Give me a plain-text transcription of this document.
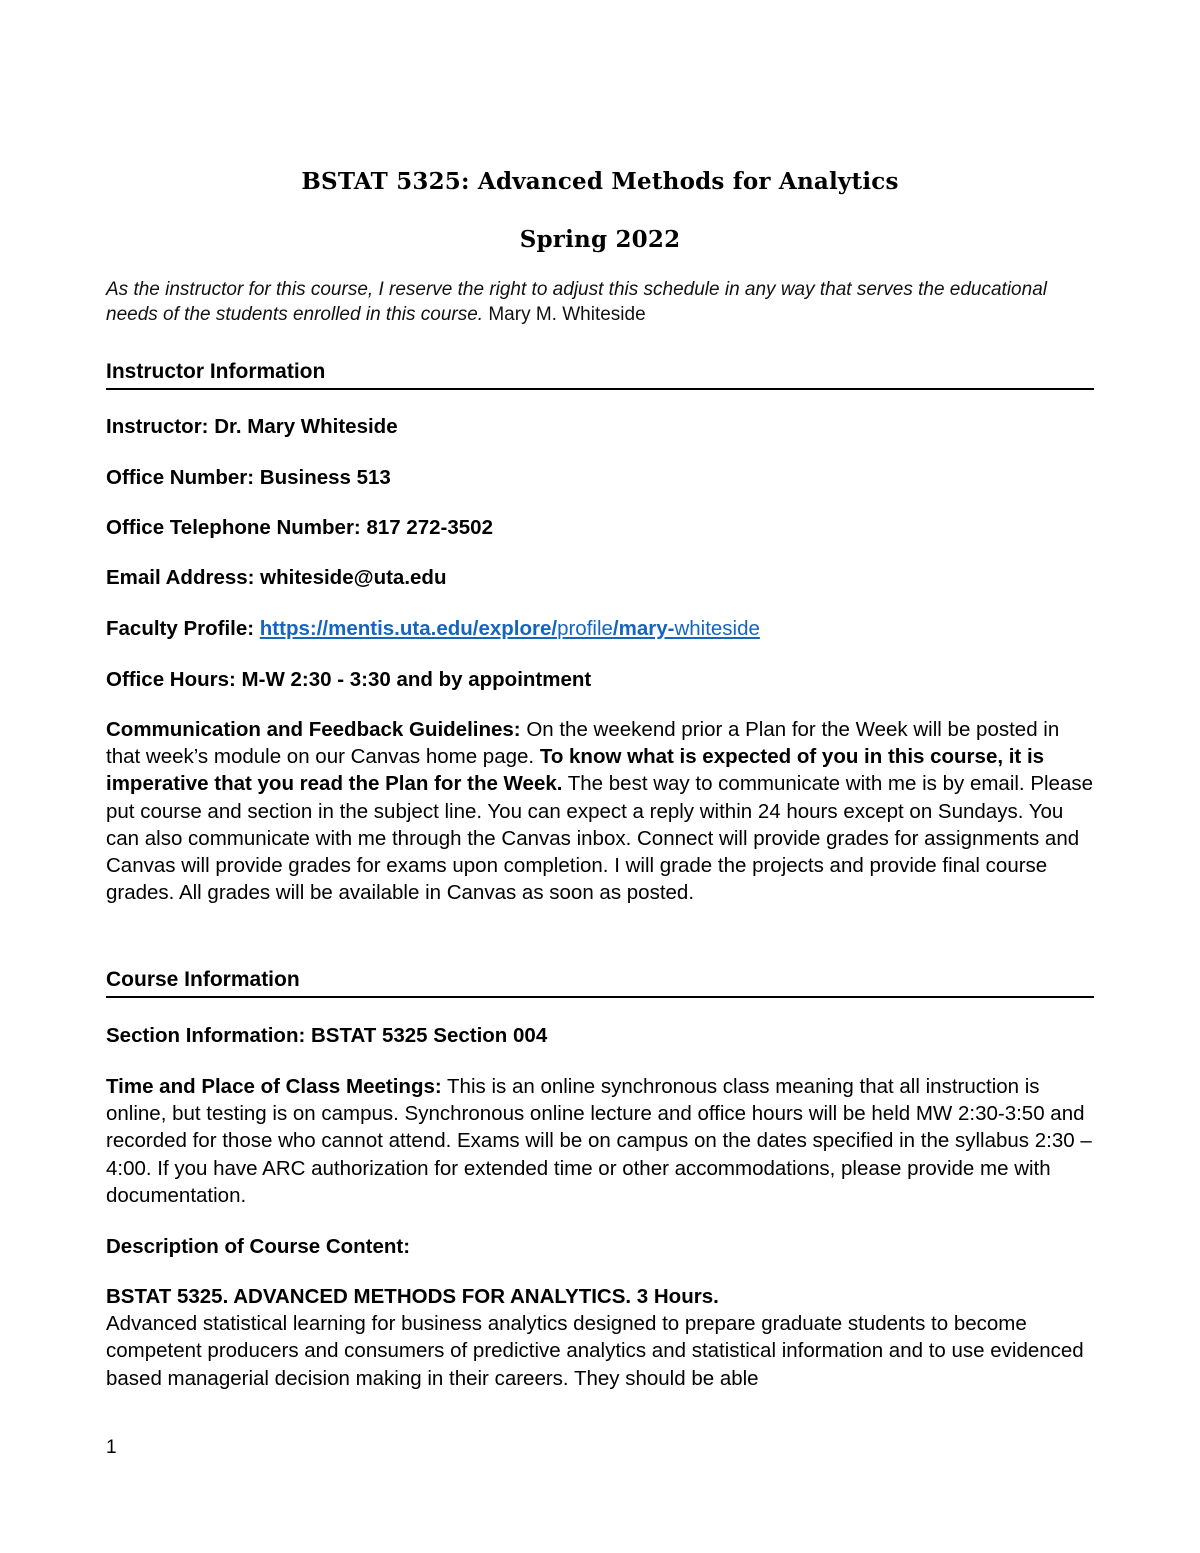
BSTAT 5325: Advanced Methods for Analytics
Spring 2022
As the instructor for this course, I reserve the right to adjust this schedule in any way that serves the educational needs of the students enrolled in this course. Mary M. Whiteside
Instructor Information
Instructor: Dr. Mary Whiteside
Office Number: Business 513
Office Telephone Number: 817 272-3502
Email Address: whiteside@uta.edu
Faculty Profile: https://mentis.uta.edu/explore/profile/mary-whiteside
Office Hours: M-W 2:30 - 3:30 and by appointment
Communication and Feedback Guidelines: On the weekend prior a Plan for the Week will be posted in that week’s module on our Canvas home page. To know what is expected of you in this course, it is imperative that you read the Plan for the Week. The best way to communicate with me is by email. Please put course and section in the subject line. You can expect a reply within 24 hours except on Sundays. You can also communicate with me through the Canvas inbox. Connect will provide grades for assignments and Canvas will provide grades for exams upon completion. I will grade the projects and provide final course grades. All grades will be available in Canvas as soon as posted.
Course Information
Section Information: BSTAT 5325 Section 004
Time and Place of Class Meetings: This is an online synchronous class meaning that all instruction is online, but testing is on campus. Synchronous online lecture and office hours will be held MW 2:30-3:50 and recorded for those who cannot attend. Exams will be on campus on the dates specified in the syllabus 2:30 – 4:00. If you have ARC authorization for extended time or other accommodations, please provide me with documentation.
Description of Course Content:
BSTAT 5325. ADVANCED METHODS FOR ANALYTICS. 3 Hours.
Advanced statistical learning for business analytics designed to prepare graduate students to become competent producers and consumers of predictive analytics and statistical information and to use evidenced based managerial decision making in their careers. They should be able
1
